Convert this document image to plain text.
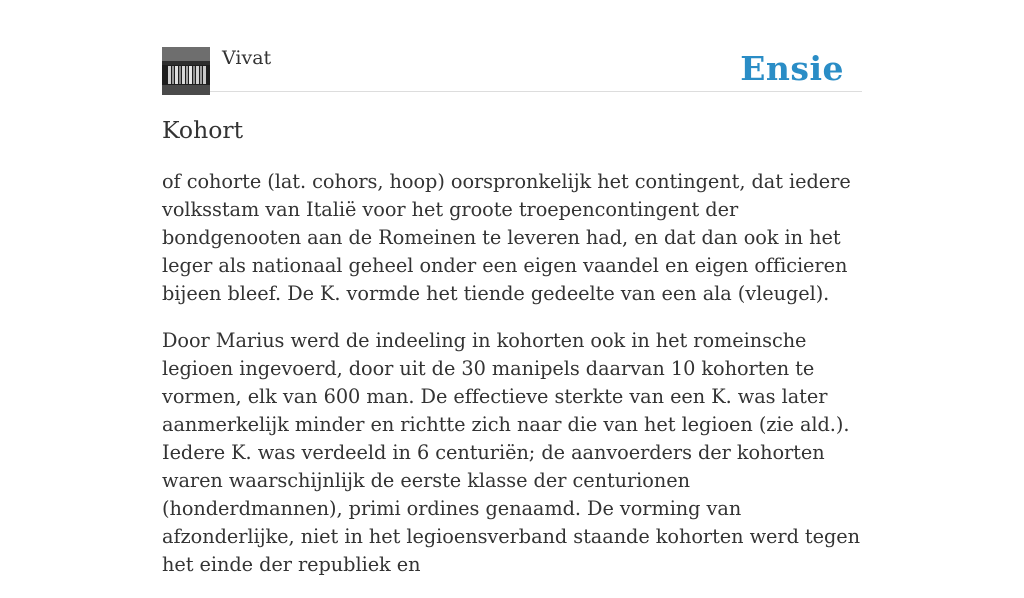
Vivat	Ensie
Kohort

of cohorte (lat. cohors, hoop) oorspronkelijk het contingent, dat iedere volksstam van Italië voor het groote troepencontingent der bondgenooten aan de Romeinen te leveren had, en dat dan ook in het leger als nationaal geheel onder een eigen vaandel en eigen officieren bijeen bleef. De K. vormde het tiende gedeelte van een ala (vleugel).

Door Marius werd de indeeling in kohorten ook in het romeinsche legioen ingevoerd, door uit de 30 manipels daarvan 10 kohorten te vormen, elk van 600 man. De effectieve sterkte van een K. was later aanmerkelijk minder en richtte zich naar die van het legioen (zie ald.). Iedere K. was verdeeld in 6 centuriën; de aanvoerders der kohorten waren waarschijnlijk de eerste klasse der centurionen (honderdmannen), primi ordines genaamd. De vorming van afzonderlijke, niet in het legioensverband staande kohorten werd tegen het einde der republiek en
